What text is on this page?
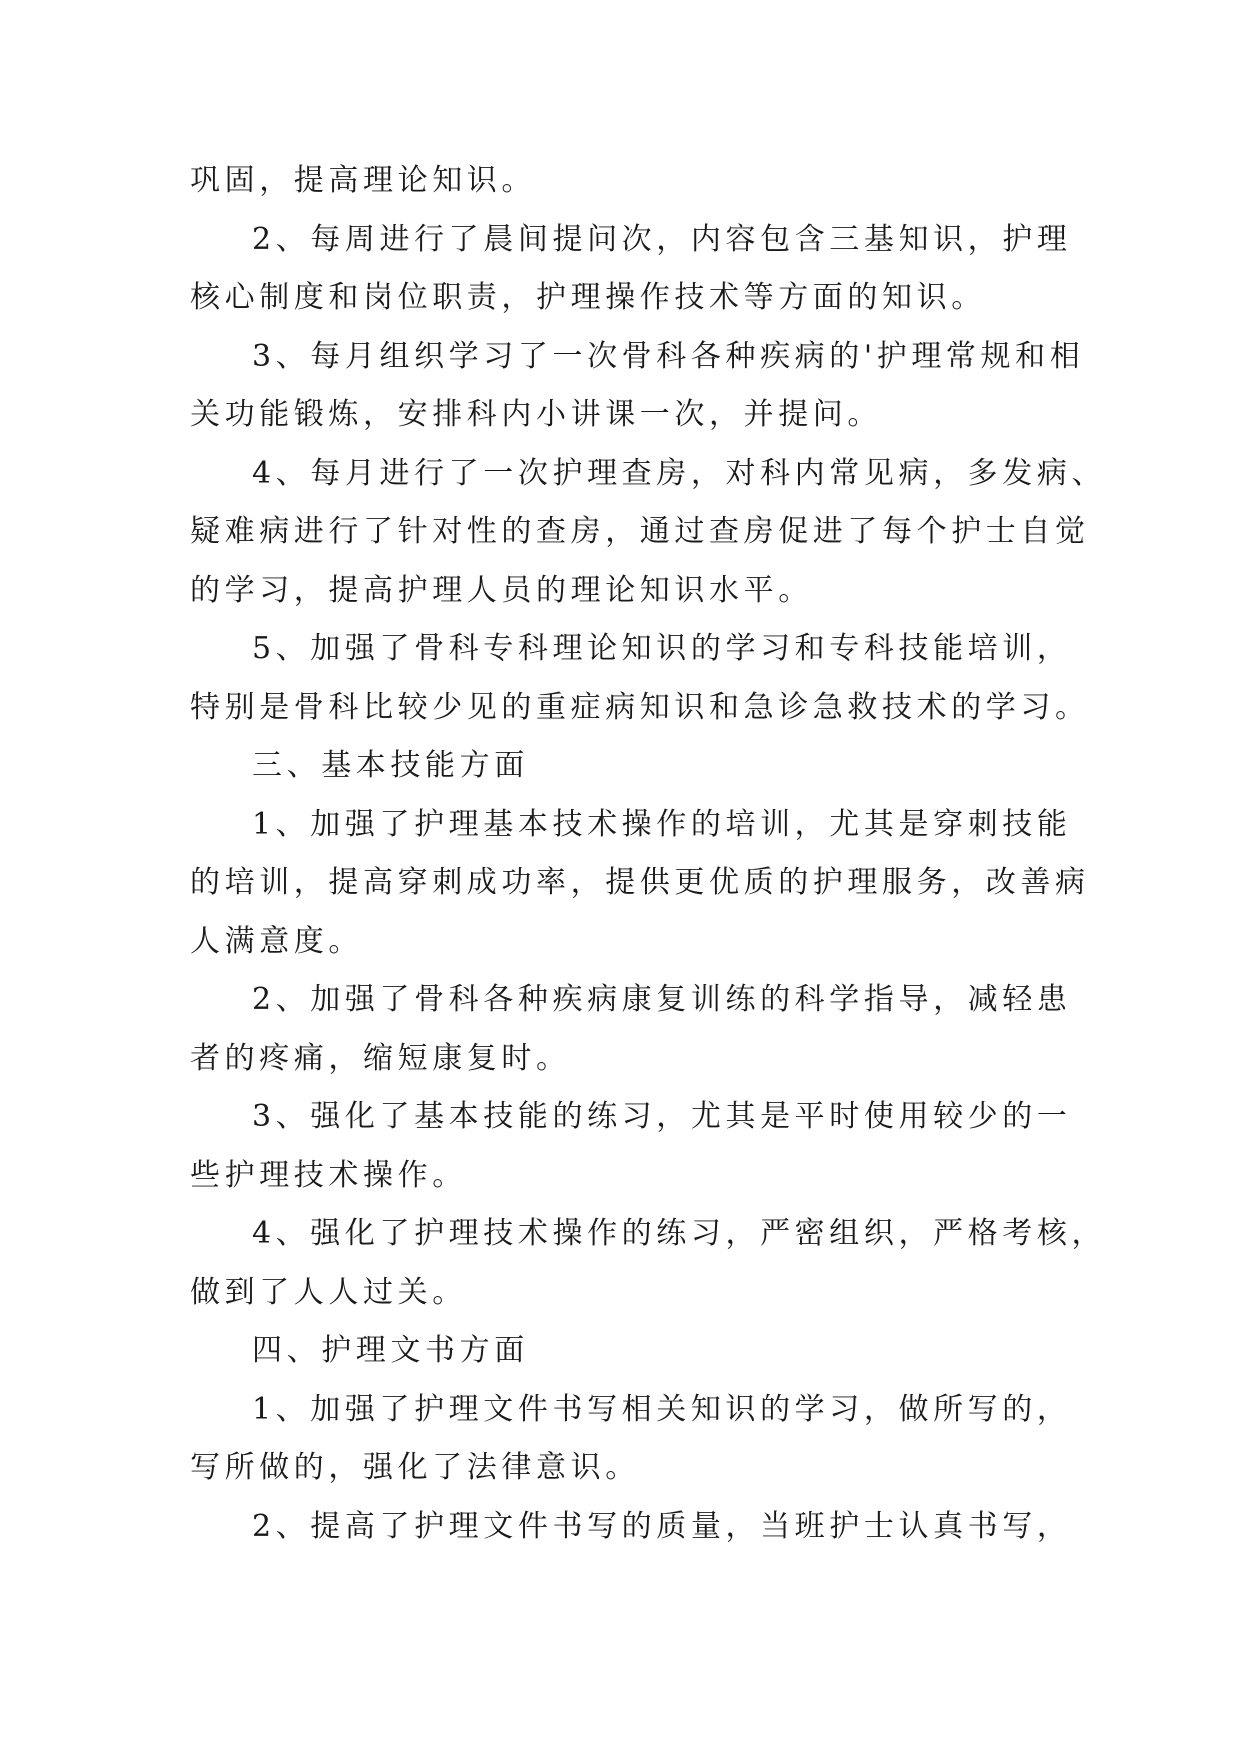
巩固，提高理论知识。
2、每周进行了晨间提问次，内容包含三基知识，护理
核心制度和岗位职责，护理操作技术等方面的知识。
3、每月组织学习了一次骨科各种疾病的'护理常规和相
关功能锻炼，安排科内小讲课一次，并提问。
4、每月进行了一次护理查房，对科内常见病，多发病、
疑难病进行了针对性的查房，通过查房促进了每个护士自觉
的学习，提高护理人员的理论知识水平。
5、加强了骨科专科理论知识的学习和专科技能培训，
特别是骨科比较少见的重症病知识和急诊急救技术的学习。
三、基本技能方面
1、加强了护理基本技术操作的培训，尤其是穿刺技能
的培训，提高穿刺成功率，提供更优质的护理服务，改善病
人满意度。
2、加强了骨科各种疾病康复训练的科学指导，减轻患
者的疼痛，缩短康复时。
3、强化了基本技能的练习，尤其是平时使用较少的一
些护理技术操作。
4、强化了护理技术操作的练习，严密组织，严格考核，
做到了人人过关。
四、护理文书方面
1、加强了护理文件书写相关知识的学习，做所写的，
写所做的，强化了法律意识。
2、提高了护理文件书写的质量，当班护士认真书写，
